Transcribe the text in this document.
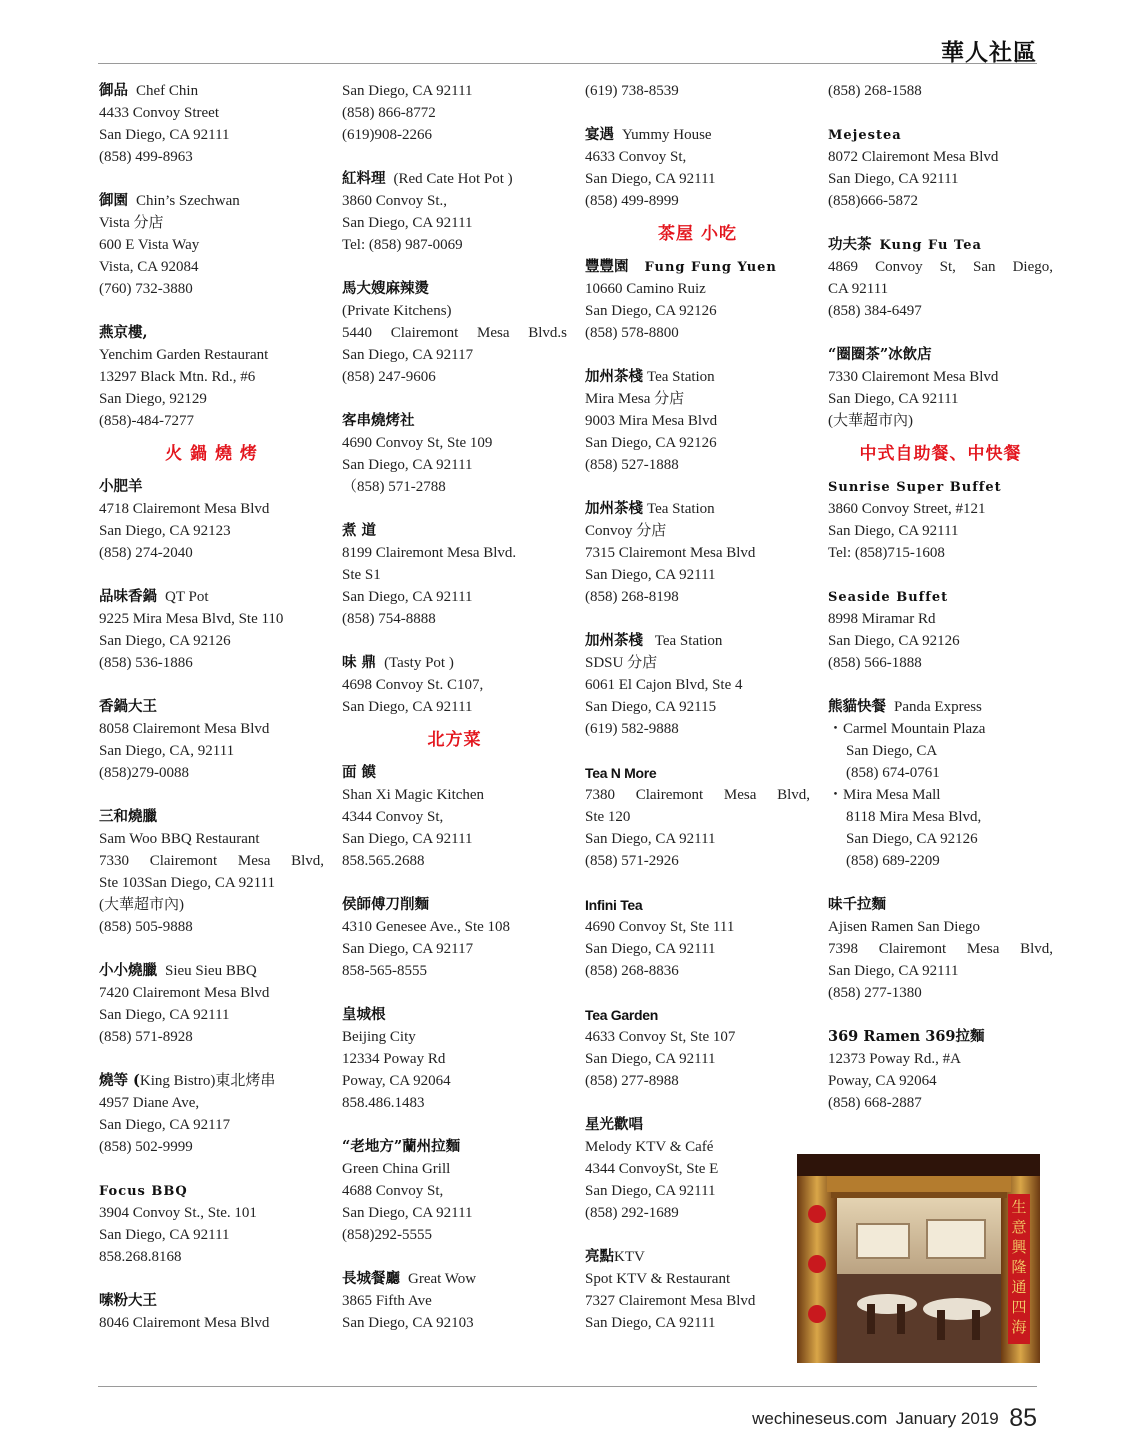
華人社區
御品 Chef Chin
4433 Convoy Street
San Diego, CA 92111
(858) 499-8963
御園 Chin’s Szechwan
Vista 分店
600 E Vista Way
Vista, CA 92084
(760) 732-3880
燕京樓,
Yenchim Garden Restaurant
13297 Black Mtn. Rd., #6
San Diego, 92129
(858)-484-7277
火 鍋 燒 烤
小肥羊
4718 Clairemont Mesa Blvd
San Diego, CA 92123
(858) 274-2040
品味香鍋 QT Pot
9225 Mira Mesa Blvd, Ste 110
San Diego, CA 92126
(858) 536-1886
香鍋大王
8058 Clairemont Mesa Blvd
San Diego, CA, 92111
(858)279-0088
三和燒臘
Sam Woo BBQ Restaurant
7330 Clairemont Mesa Blvd,
Ste 103San Diego, CA 92111
(大華超市內)
(858) 505-9888
小小燒臘 Sieu Sieu BBQ
7420 Clairemont Mesa Blvd
San Diego, CA 92111
(858) 571-8928
燒等 (King Bistro)東北烤串
4957 Diane Ave,
San Diego, CA 92117
(858) 502-9999
Focus BBQ
3904 Convoy St., Ste. 101
San Diego, CA 92111
858.268.8168
嗦粉大王
8046 Clairemont Mesa Blvd
San Diego, CA 92111
(858) 866-8772
(619)908-2266
紅料理 (Red Cate Hot Pot )
3860 Convoy St.,
San Diego, CA 92111
Tel: (858) 987-0069
馬大嫂麻辣燙
(Private Kitchens)
5440 Clairemont Mesa Blvd.s
San Diego, CA 92117
(858) 247-9606
客串燒烤社
4690 Convoy St, Ste 109
San Diego, CA 92111
（858) 571-2788
煮 道
8199 Clairemont Mesa Blvd.
Ste S1
San Diego, CA 92111
(858) 754-8888
味 鼎 (Tasty Pot )
4698 Convoy St. C107,
San Diego, CA 92111
北方菜
面 饃
Shan Xi Magic Kitchen
4344 Convoy St,
San Diego, CA 92111
858.565.2688
侯師傅刀削麵
4310 Genesee Ave., Ste 108
San Diego, CA 92117
858-565-8555
皇城根
Beijing City
12334 Poway Rd
Poway, CA 92064
858.486.1483
“老地方”蘭州拉麵
Green China Grill
4688 Convoy St,
San Diego, CA 92111
(858)292-5555
長城餐廳 Great Wow
3865 Fifth Ave
San Diego, CA 92103
(619) 738-8539
宴遇 Yummy House
4633 Convoy St,
San Diego, CA 92111
(858) 499-8999
茶屋 小吃
豐豐園 Fung Fung Yuen
10660 Camino Ruiz
San Diego, CA 92126
(858) 578-8800
加州茶棧 Tea Station
Mira Mesa 分店
9003 Mira Mesa Blvd
San Diego, CA 92126
(858) 527-1888
加州茶棧 Tea Station
Convoy 分店
7315 Clairemont Mesa Blvd
San Diego, CA 92111
(858) 268-8198
加州茶棧 Tea Station
SDSU 分店
6061 El Cajon Blvd, Ste 4
San Diego, CA 92115
(619) 582-9888
Tea N More
7380 Clairemont Mesa Blvd,
Ste 120
San Diego, CA 92111
(858) 571-2926
Infini Tea
4690 Convoy St, Ste 111
San Diego, CA 92111
(858) 268-8836
Tea Garden
4633 Convoy St, Ste 107
San Diego, CA 92111
(858) 277-8988
星光歡唱
Melody KTV & Café
4344 ConvoySt, Ste E
San Diego, CA 92111
(858) 292-1689
亮點KTV
Spot KTV & Restaurant
7327 Clairemont Mesa Blvd
San Diego, CA 92111
(858) 268-1588
Mejestea
8072 Clairemont Mesa Blvd
San Diego, CA 92111
(858)666-5872
功夫茶 Kung Fu Tea
4869 Convoy St, San Diego,
CA 92111
(858) 384-6497
“圈圈茶”冰飲店
7330 Clairemont Mesa Blvd
San Diego, CA 92111
(大華超市內)
中式自助餐、中快餐
Sunrise Super Buffet
3860 Convoy Street, #121
San Diego, CA 92111
Tel: (858)715-1608
Seaside Buffet
8998 Miramar Rd
San Diego, CA 92126
(858) 566-1888
熊貓快餐 Panda Express
・Carmel Mountain Plaza
San Diego, CA
(858) 674-0761
・Mira Mesa Mall
8118 Mira Mesa Blvd,
San Diego, CA 92126
(858) 689-2209
味千拉麵
Ajisen Ramen San Diego
7398 Clairemont Mesa Blvd,
San Diego, CA 92111
(858) 277-1380
369 Ramen 369拉麵
12373 Poway Rd., #A
Poway, CA 92064
(858) 668-2887
生
意
興
隆
通
四
海
wechineseus.com January 2019 85
